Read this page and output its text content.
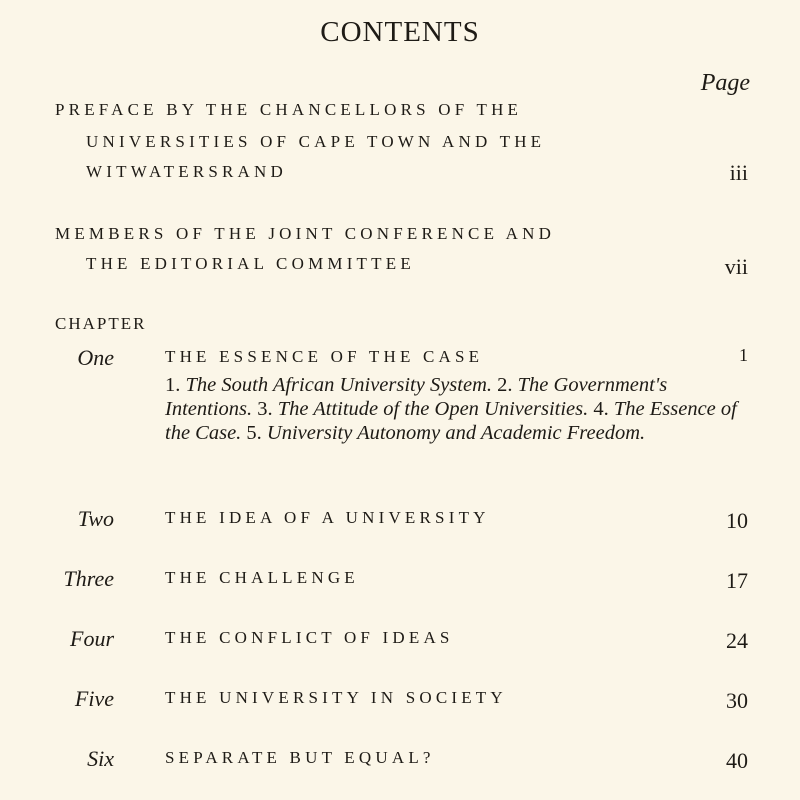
CONTENTS
Page
PREFACE BY THE CHANCELLORS OF THE
UNIVERSITIES OF CAPE TOWN AND THE
WITWATERSRAND	iii
MEMBERS OF THE JOINT CONFERENCE AND
THE EDITORIAL COMMITTEE	vii
CHAPTER
One	THE ESSENCE OF THE CASE	1
1. The South African University System. 2. The Government's Intentions. 3. The Attitude of the Open Universities. 4. The Essence of the Case. 5. University Autonomy and Academic Freedom.
Two	THE IDEA OF A UNIVERSITY	10
Three	THE CHALLENGE	17
Four	THE CONFLICT OF IDEAS	24
Five	THE UNIVERSITY IN SOCIETY	30
Six	SEPARATE BUT EQUAL?	40
